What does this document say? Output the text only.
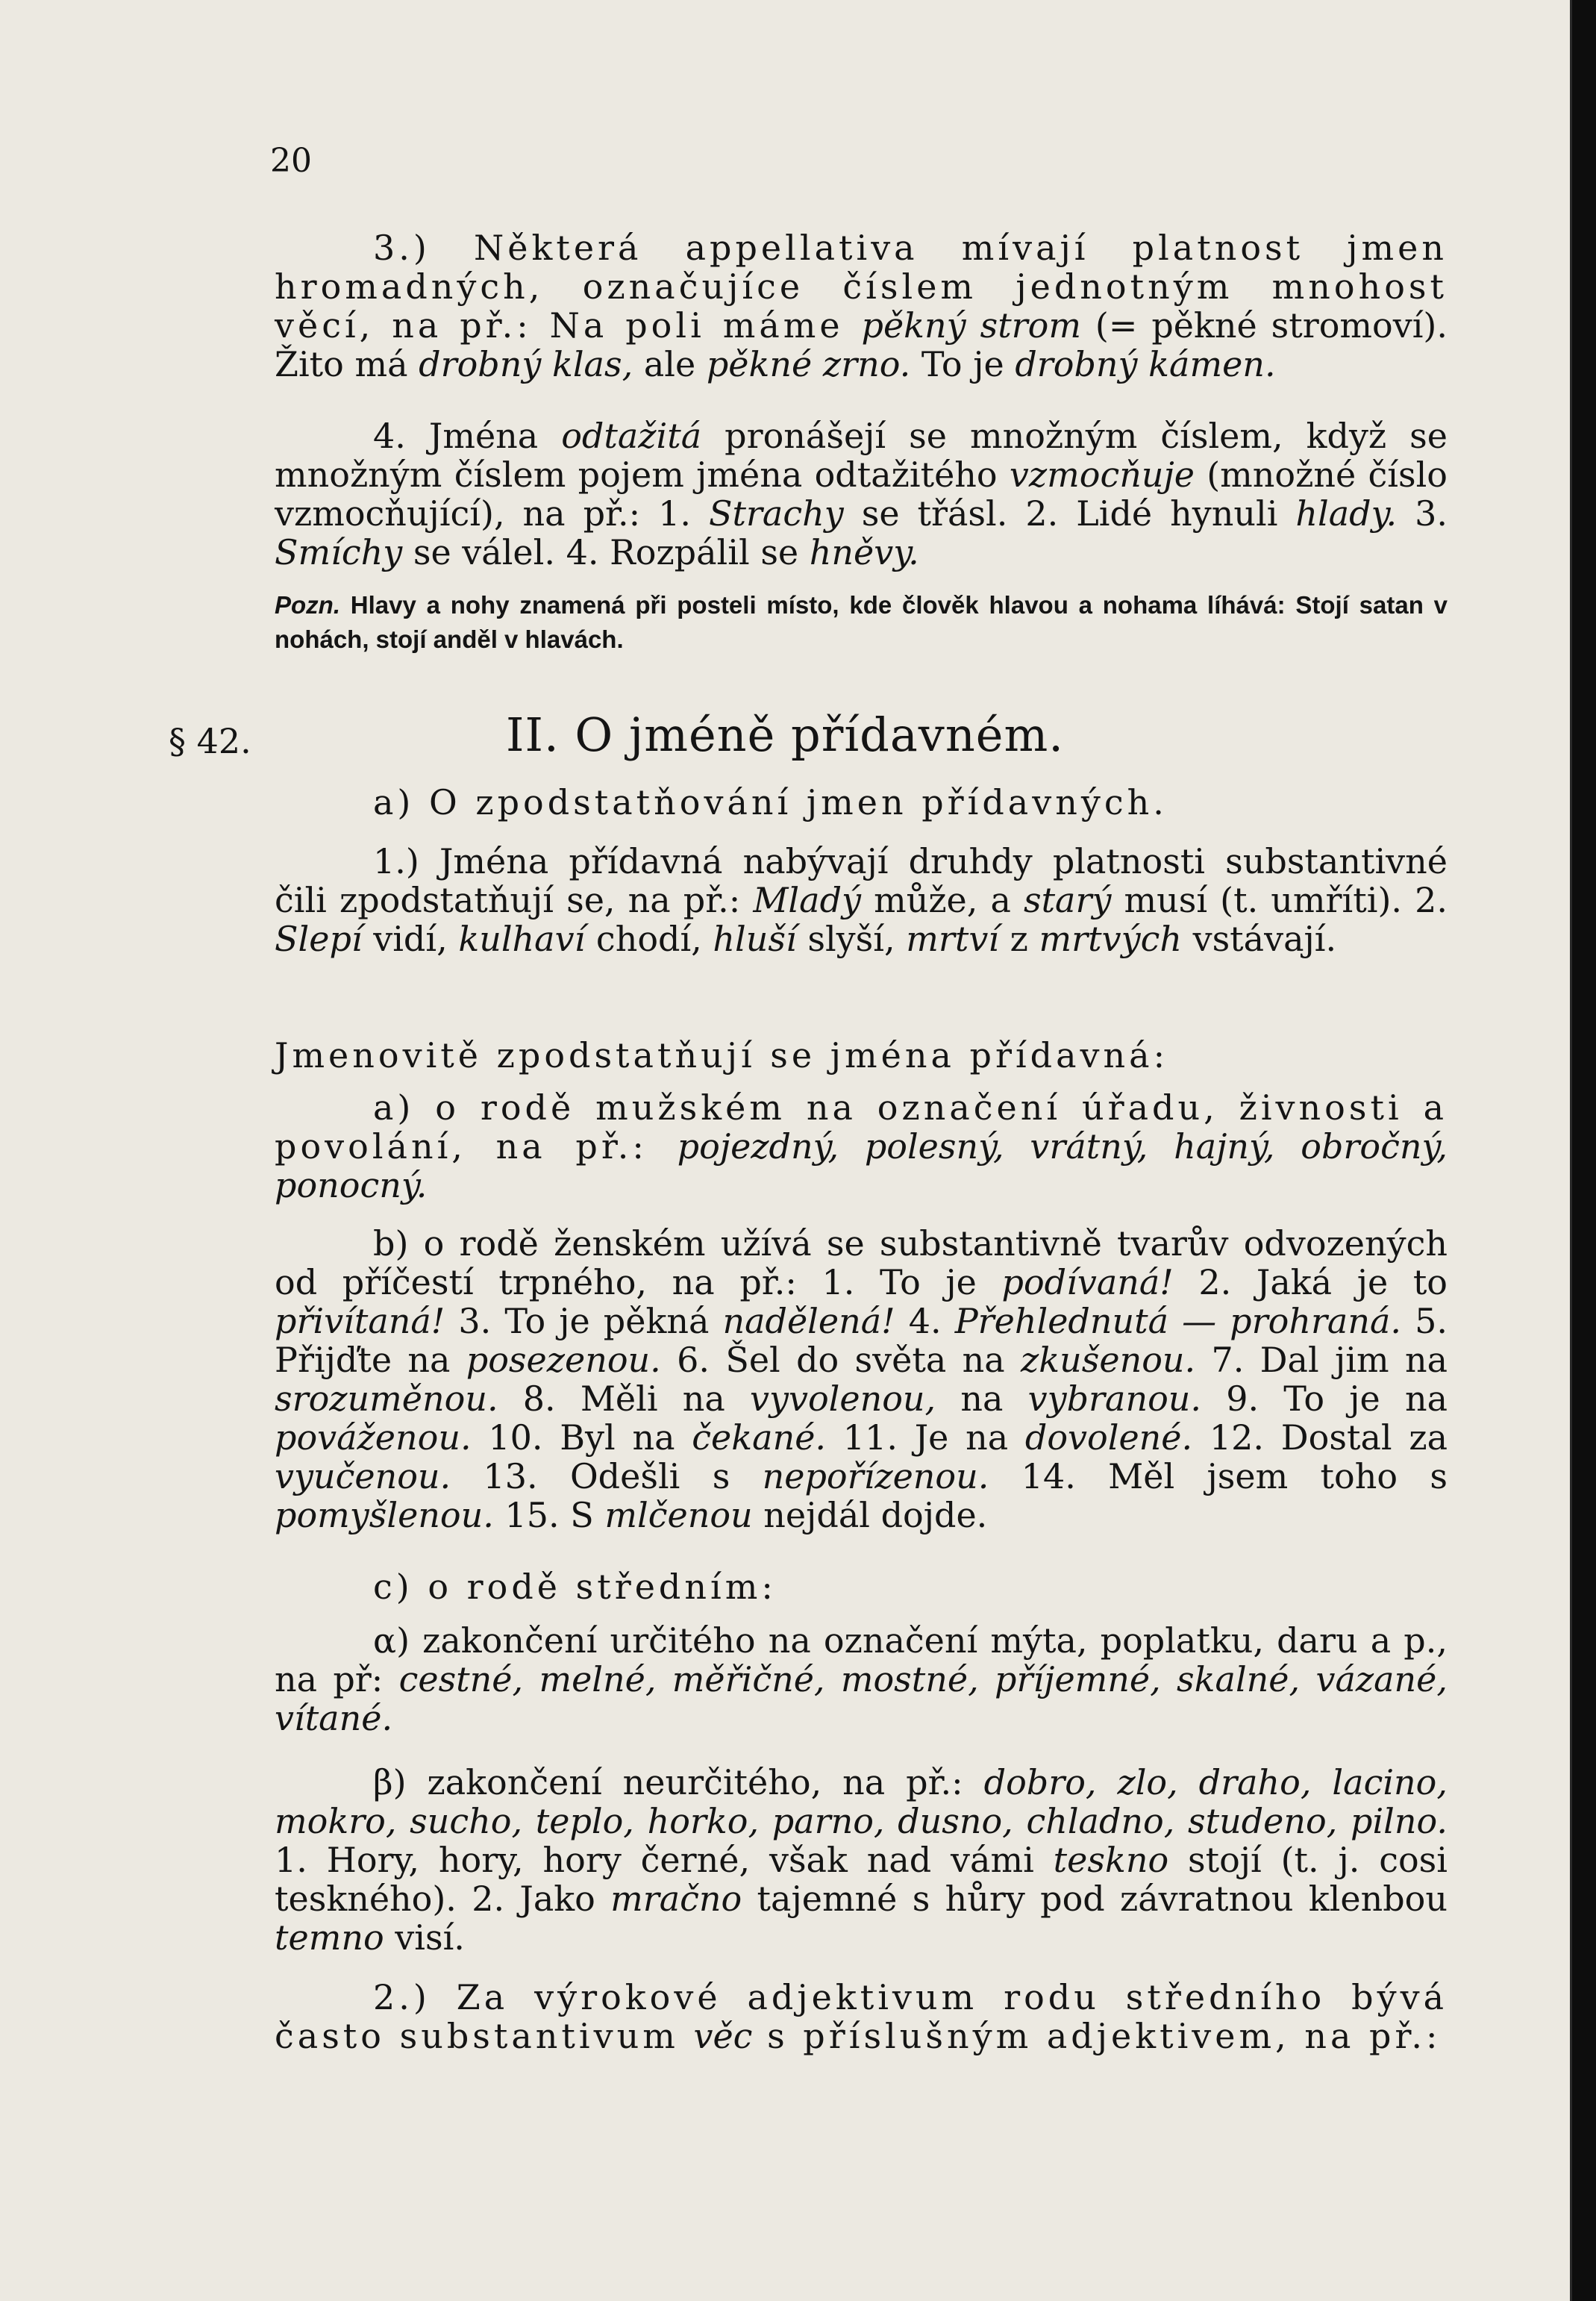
20

3.) Některá appellativa mívají platnost jmen hromadných, označujíce číslem jednotným mnohost věcí, na př.: Na poli máme pěkný strom (= pěkné stromoví). Žito má drobný klas, ale pěkné zrno. To je drobný kámen.

4. Jména odtažitá pronášejí se množným číslem, když se množným číslem pojem jména odtažitého vzmocňuje (množné číslo vzmocňující), na př.: 1. Strachy se třásl. 2. Lidé hynuli hlady. 3. Smíchy se válel. 4. Rozpálil se hněvy.

Pozn. Hlavy a nohy znamená při posteli místo, kde člověk hlavou a nohama líhává: Stojí satan v nohách, stojí anděl v hlavách.

§ 42.	II. O jméně přídavném.

a) O zpodstatňování jmen přídavných.

1.) Jména přídavná nabývají druhdy platnosti substantivné čili zpodstatňují se, na př.: Mladý může, a starý musí (t. umříti). 2. Slepí vidí, kulhaví chodí, hluší slyší, mrtví z mrtvých vstávají.

Jmenovitě zpodstatňují se jména přídavná:

a) o rodě mužském na označení úřadu, živnosti a povolání, na př.: pojezdný, polesný, vrátný, hajný, obročný, ponocný.

b) o rodě ženském užívá se substantivně tvarův odvozených od příčestí trpného, na př.: 1. To je podívaná! 2. Jaká je to přivítaná! 3. To je pěkná nadělená! 4. Přehlednutá — prohraná. 5. Přijďte na posezenou. 6. Šel do světa na zkušenou. 7. Dal jim na srozuměnou. 8. Měli na vyvolenou, na vybranou. 9. To je na pováženou. 10. Byl na čekané. 11. Je na dovolené. 12. Dostal za vyučenou. 13. Odešli s nepořízenou. 14. Měl jsem toho s pomyšlenou. 15. S mlčenou nejdál dojde.

c) o rodě středním:

α) zakončení určitého na označení mýta, poplatku, daru a p., na př: cestné, melné, měřičné, mostné, příjemné, skalné, vázané, vítané.

β) zakončení neurčitého, na př.: dobro, zlo, draho, lacino, mokro, sucho, teplo, horko, parno, dusno, chladno, studeno, pilno. 1. Hory, hory, hory černé, však nad vámi teskno stojí (t. j. cosi teskného). 2. Jako mračno tajemné s hůry pod závratnou klenbou temno visí.

2.) Za výrokové adjektivum rodu středního bývá často substantivum věc s příslušným adjektivem, na př.:
